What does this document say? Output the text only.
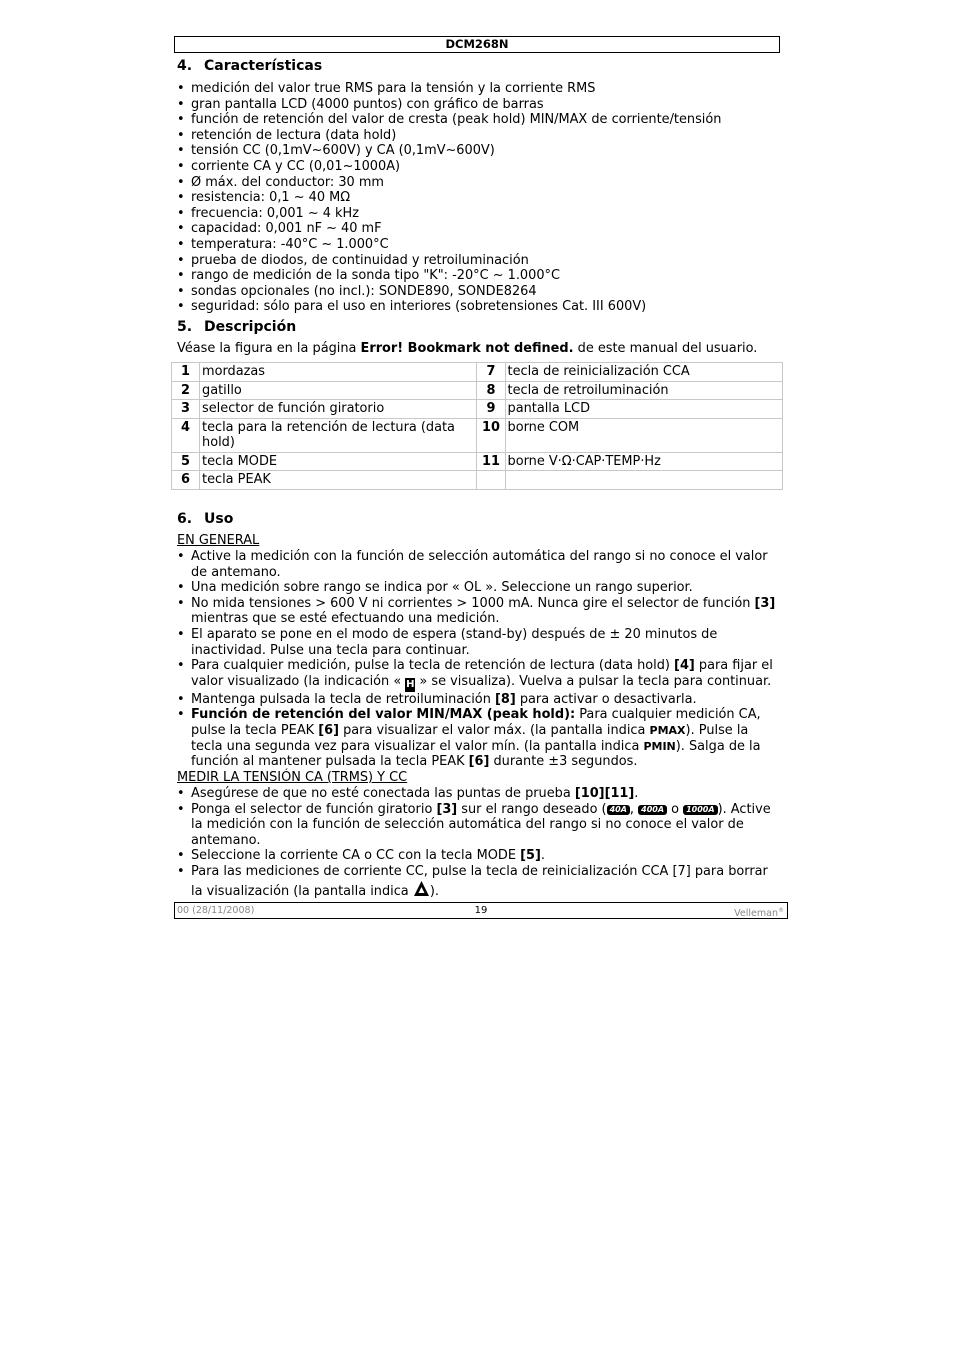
DCM268N
4. Características
• medición del valor true RMS para la tensión y la corriente RMS
• gran pantalla LCD (4000 puntos) con gráfico de barras
• función de retención del valor de cresta (peak hold) MIN/MAX de corriente/tensión
• retención de lectura (data hold)
• tensión CC (0,1mV~600V) y CA (0,1mV~600V)
• corriente CA y CC (0,01~1000A)
• Ø máx. del conductor: 30 mm
• resistencia: 0,1 ~ 40 MΩ
• frecuencia: 0,001 ~ 4 kHz
• capacidad: 0,001 nF ~ 40 mF
• temperatura: -40°C ~ 1.000°C
• prueba de diodos, de continuidad y retroiluminación
• rango de medición de la sonda tipo "K": -20°C ~ 1.000°C
• sondas opcionales (no incl.): SONDE890, SONDE8264
• seguridad: sólo para el uso en interiores (sobretensiones Cat. III 600V)
5. Descripción
Véase la figura en la página Error! Bookmark not defined. de este manual del usuario.
1	mordazas	7	tecla de reinicialización CCA
2	gatillo	8	tecla de retroiluminación
3	selector de función giratorio	9	pantalla LCD
4	tecla para la retención de lectura (data hold)	10	borne COM
5	tecla MODE	11	borne V·Ω·CAP·TEMP·Hz
6	tecla PEAK		
6. Uso
EN GENERAL
• Active la medición con la función de selección automática del rango si no conoce el valor de antemano.
• Una medición sobre rango se indica por « OL ». Seleccione un rango superior.
• No mida tensiones > 600 V ni corrientes > 1000 mA. Nunca gire el selector de función [3] mientras que se esté efectuando una medición.
• El aparato se pone en el modo de espera (stand-by) después de ± 20 minutos de inactividad. Pulse una tecla para continuar.
• Para cualquier medición, pulse la tecla de retención de lectura (data hold) [4] para fijar el valor visualizado (la indicación « H » se visualiza). Vuelva a pulsar la tecla para continuar.
• Mantenga pulsada la tecla de retroiluminación [8] para activar o desactivarla.
• Función de retención del valor MIN/MAX (peak hold): Para cualquier medición CA, pulse la tecla PEAK [6] para visualizar el valor máx. (la pantalla indica PMAX). Pulse la tecla una segunda vez para visualizar el valor mín. (la pantalla indica PMIN). Salga de la función al mantener pulsada la tecla PEAK [6] durante ±3 segundos.
MEDIR LA TENSIÓN CA (TRMS) Y CC
• Asegúrese de que no esté conectada las puntas de prueba [10][11].
• Ponga el selector de función giratorio [3] sur el rango deseado ( 40A , 400A o 1000A ). Active la medición con la función de selección automática del rango si no conoce el valor de antemano.
• Seleccione la corriente CA o CC con la tecla MODE [5].
• Para las mediciones de corriente CC, pulse la tecla de reinicialización CCA [7] para borrar la visualización (la pantalla indica ).
00 (28/11/2008)	19	Velleman®
